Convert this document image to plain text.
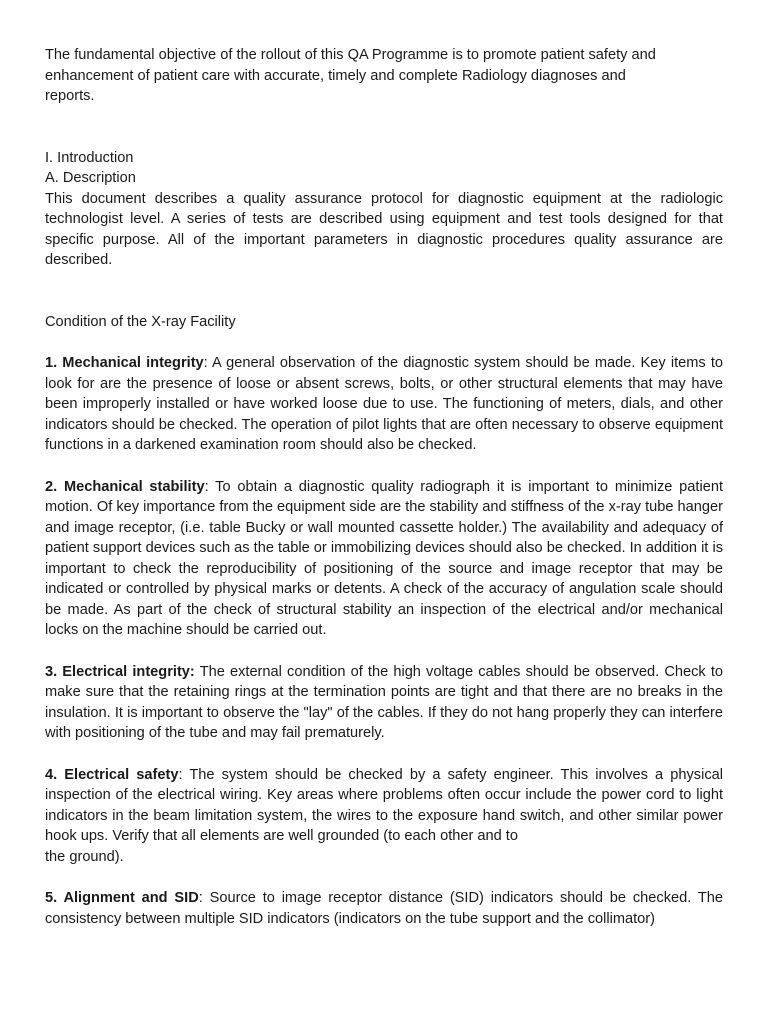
The fundamental objective of the rollout of this QA Programme is to promote patient safety and

enhancement of patient care with accurate, timely and complete Radiology diagnoses and

reports.

I. Introduction

A. Description

This document describes a quality assurance protocol for diagnostic equipment at the radiologic technologist level. A series of tests are described using equipment and test tools designed for that specific purpose. All of the important parameters in diagnostic procedures quality assurance are described.

Condition of the X-ray Facility

1. Mechanical integrity: A general observation of the diagnostic system should be made. Key items to look for are the presence of loose or absent screws, bolts, or other structural elements that may have been improperly installed or have worked loose due to use. The functioning of meters, dials, and other indicators should be checked. The operation of pilot lights that are often necessary to observe equipment functions in a darkened examination room should also be checked.

2. Mechanical stability: To obtain a diagnostic quality radiograph it is important to minimize patient motion. Of key importance from the equipment side are the stability and stiffness of the x-ray tube hanger and image receptor, (i.e. table Bucky or wall mounted cassette holder.) The availability and adequacy of patient support devices such as the table or immobilizing devices should also be checked. In addition it is important to check the reproducibility of positioning of the source and image receptor that may be indicated or controlled by physical marks or detents. A check of the accuracy of angulation scale should be made. As part of the check of structural stability an inspection of the electrical and/or mechanical locks on the machine should be carried out.

3. Electrical integrity: The external condition of the high voltage cables should be observed. Check to make sure that the retaining rings at the termination points are tight and that there are no breaks in the insulation. It is important to observe the "lay" of the cables. If they do not hang properly they can interfere with positioning of the tube and may fail prematurely.

4. Electrical safety: The system should be checked by a safety engineer. This involves a physical inspection of the electrical wiring. Key areas where problems often occur include the power cord to light indicators in the beam limitation system, the wires to the exposure hand switch, and other similar power hook ups. Verify that all elements are well grounded (to each other and to

the ground).

5. Alignment and SID: Source to image receptor distance (SID) indicators should be checked. The consistency between multiple SID indicators (indicators on the tube support and the collimator)
